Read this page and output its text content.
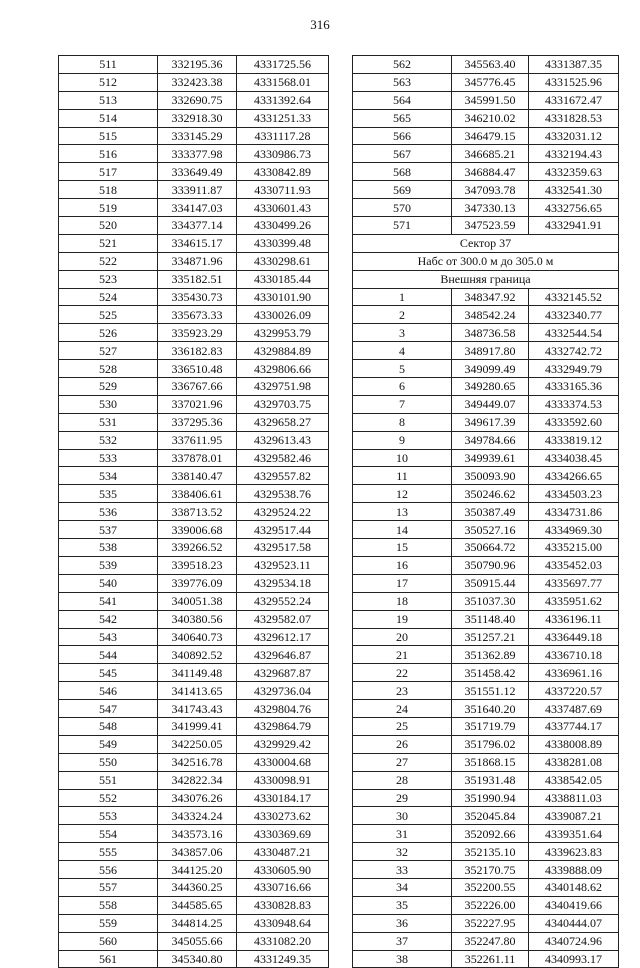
316
511	332195.36	4331725.56
512	332423.38	4331568.01
513	332690.75	4331392.64
514	332918.30	4331251.33
515	333145.29	4331117.28
516	333377.98	4330986.73
517	333649.49	4330842.89
518	333911.87	4330711.93
519	334147.03	4330601.43
520	334377.14	4330499.26
521	334615.17	4330399.48
522	334871.96	4330298.61
523	335182.51	4330185.44
524	335430.73	4330101.90
525	335673.33	4330026.09
526	335923.29	4329953.79
527	336182.83	4329884.89
528	336510.48	4329806.66
529	336767.66	4329751.98
530	337021.96	4329703.75
531	337295.36	4329658.27
532	337611.95	4329613.43
533	337878.01	4329582.46
534	338140.47	4329557.82
535	338406.61	4329538.76
536	338713.52	4329524.22
537	339006.68	4329517.44
538	339266.52	4329517.58
539	339518.23	4329523.11
540	339776.09	4329534.18
541	340051.38	4329552.24
542	340380.56	4329582.07
543	340640.73	4329612.17
544	340892.52	4329646.87
545	341149.48	4329687.87
546	341413.65	4329736.04
547	341743.43	4329804.76
548	341999.41	4329864.79
549	342250.05	4329929.42
550	342516.78	4330004.68
551	342822.34	4330098.91
552	343076.26	4330184.17
553	343324.24	4330273.62
554	343573.16	4330369.69
555	343857.06	4330487.21
556	344125.20	4330605.90
557	344360.25	4330716.66
558	344585.65	4330828.83
559	344814.25	4330948.64
560	345055.66	4331082.20
561	345340.80	4331249.35
562	345563.40	4331387.35
563	345776.45	4331525.96
564	345991.50	4331672.47
565	346210.02	4331828.53
566	346479.15	4332031.12
567	346685.21	4332194.43
568	346884.47	4332359.63
569	347093.78	4332541.30
570	347330.13	4332756.65
571	347523.59	4332941.91
Сектор 37		
Набс от 300.0 м до 305.0 м		
Внешняя граница		
1	348347.92	4332145.52
2	348542.24	4332340.77
3	348736.58	4332544.54
4	348917.80	4332742.72
5	349099.49	4332949.79
6	349280.65	4333165.36
7	349449.07	4333374.53
8	349617.39	4333592.60
9	349784.66	4333819.12
10	349939.61	4334038.45
11	350093.90	4334266.65
12	350246.62	4334503.23
13	350387.49	4334731.86
14	350527.16	4334969.30
15	350664.72	4335215.00
16	350790.96	4335452.03
17	350915.44	4335697.77
18	351037.30	4335951.62
19	351148.40	4336196.11
20	351257.21	4336449.18
21	351362.89	4336710.18
22	351458.42	4336961.16
23	351551.12	4337220.57
24	351640.20	4337487.69
25	351719.79	4337744.17
26	351796.02	4338008.89
27	351868.15	4338281.08
28	351931.48	4338542.05
29	351990.94	4338811.03
30	352045.84	4339087.21
31	352092.66	4339351.64
32	352135.10	4339623.83
33	352170.75	4339888.09
34	352200.55	4340148.62
35	352226.00	4340419.66
36	352227.95	4340444.07
37	352247.80	4340724.96
38	352261.11	4340993.17
